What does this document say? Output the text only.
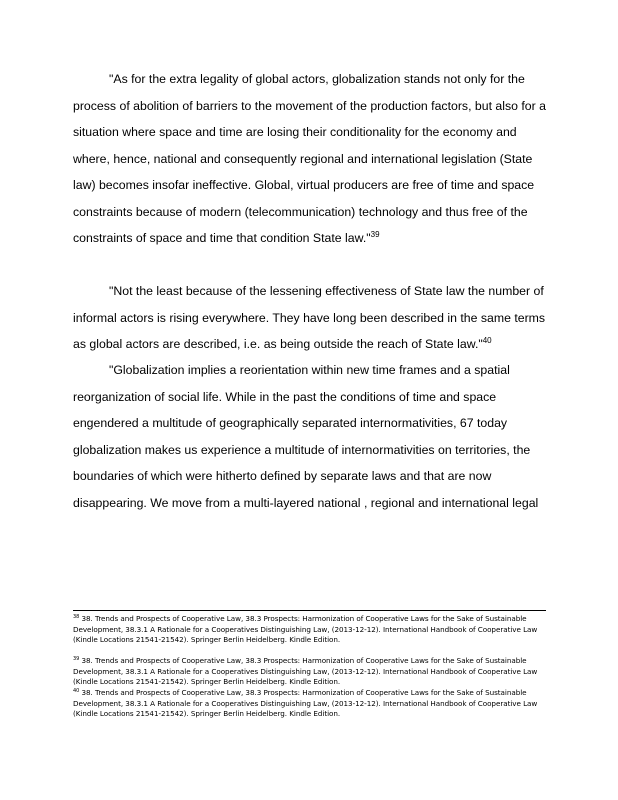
"As for the extra legality of global actors, globalization stands not only for the process of abolition of barriers to the movement of the production factors, but also for a situation where space and time are losing their conditionality for the economy and where, hence, national and consequently regional and international legislation (State law) becomes insofar ineffective. Global, virtual producers are free of time and space constraints because of modern (telecommunication) technology and thus free of the constraints of space and time that condition State law."$^{39}$

"Not the least because of the lessening effectiveness of State law the number of informal actors is rising everywhere. They have long been described in the same terms as global actors are described, i.e. as being outside the reach of State law."$^{40}$

"Globalization implies a reorientation within new time frames and a spatial reorganization of social life. While in the past the conditions of time and space engendered a multitude of geographically separated internormativities, 67 today globalization makes us experience a multitude of internormativities on territories, the boundaries of which were hitherto defined by separate laws and that are now disappearing. We move from a multi-layered national , regional and international legal

$^{38}$ 38. Trends and Prospects of Cooperative Law, 38.3 Prospects: Harmonization of Cooperative Laws for the Sake of Sustainable Development, 38.3.1 A Rationale for a Cooperatives Distinguishing Law, (2013-12-12). International Handbook of Cooperative Law (Kindle Locations 21541-21542). Springer Berlin Heidelberg. Kindle Edition.

$^{39}$ 38. Trends and Prospects of Cooperative Law, 38.3 Prospects: Harmonization of Cooperative Laws for the Sake of Sustainable Development, 38.3.1 A Rationale for a Cooperatives Distinguishing Law, (2013-12-12). International Handbook of Cooperative Law (Kindle Locations 21541-21542). Springer Berlin Heidelberg. Kindle Edition.

$^{40}$ 38. Trends and Prospects of Cooperative Law, 38.3 Prospects: Harmonization of Cooperative Laws for the Sake of Sustainable Development, 38.3.1 A Rationale for a Cooperatives Distinguishing Law, (2013-12-12). International Handbook of Cooperative Law (Kindle Locations 21541-21542). Springer Berlin Heidelberg. Kindle Edition.
